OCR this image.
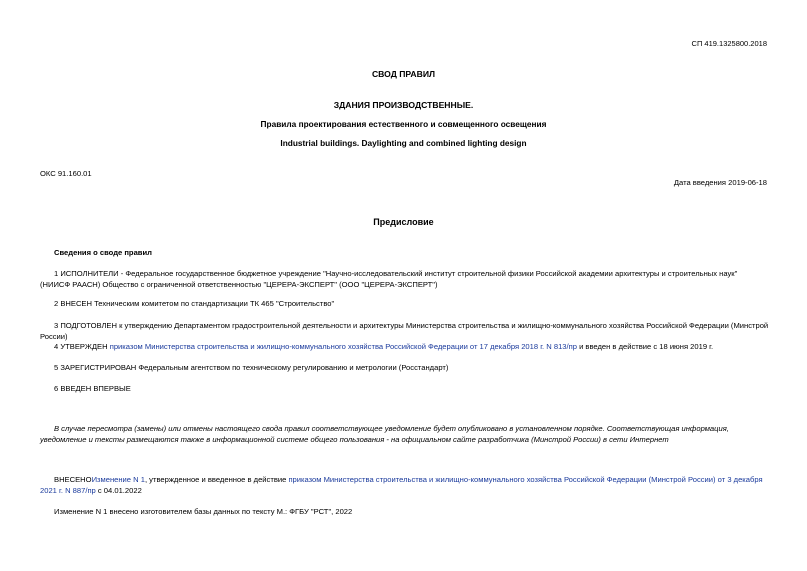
СП 419.1325800.2018
СВОД ПРАВИЛ
ЗДАНИЯ ПРОИЗВОДСТВЕННЫЕ.
Правила проектирования естественного и совмещенного освещения
Industrial buildings. Daylighting and combined lighting design
ОКС 91.160.01
Дата введения 2019-06-18
Предисловие
Сведения о своде правил
1 ИСПОЛНИТЕЛИ - Федеральное государственное бюджетное учреждение "Научно-исследовательский институт строительной физики Российской академии архитектуры и строительных наук" (НИИСФ РААСН) Общество с ограниченной ответственностью "ЦЕРЕРА-ЭКСПЕРТ" (ООО "ЦЕРЕРА-ЭКСПЕРТ")
2 ВНЕСЕН Техническим комитетом по стандартизации ТК 465 "Строительство"
3 ПОДГОТОВЛЕН к утверждению Департаментом градостроительной деятельности и архитектуры Министерства строительства и жилищно-коммунального хозяйства Российской Федерации (Минстрой России)
4 УТВЕРЖДЕН приказом Министерства строительства и жилищно-коммунального хозяйства Российской Федерации от 17 декабря 2018 г. N 813/пр и введен в действие с 18 июня 2019 г.
5 ЗАРЕГИСТРИРОВАН Федеральным агентством по техническому регулированию и метрологии (Росстандарт)
6 ВВЕДЕН ВПЕРВЫЕ
В случае пересмотра (замены) или отмены настоящего свода правил соответствующее уведомление будет опубликовано в установленном порядке. Соответствующая информация, уведомление и тексты размещаются также в информационной системе общего пользования - на официальном сайте разработчика (Минстрой России) в сети Интернет
ВНЕСЕНОИзменение N 1, утвержденное и введенное в действие приказом Министерства строительства и жилищно-коммунального хозяйства Российской Федерации (Минстрой России) от 3 декабря 2021 г. N 887/пр с 04.01.2022
Изменение N 1 внесено изготовителем базы данных по тексту М.: ФГБУ "РСТ", 2022
